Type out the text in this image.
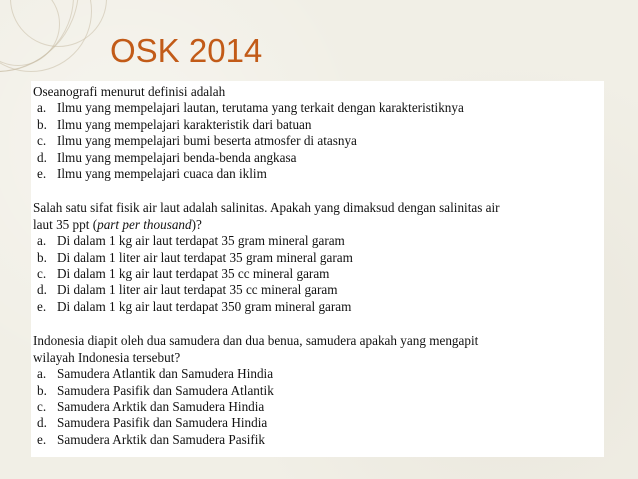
OSK 2014
Oseanografi menurut definisi adalah
a. Ilmu yang mempelajari lautan, terutama yang terkait dengan karakteristiknya
b. Ilmu yang mempelajari karakteristik dari batuan
c. Ilmu yang mempelajari bumi beserta atmosfer di atasnya
d. Ilmu yang mempelajari benda-benda angkasa
e. Ilmu yang mempelajari cuaca dan iklim
Salah satu sifat fisik air laut adalah salinitas. Apakah yang dimaksud dengan salinitas air
laut 35 ppt (part per thousand)?
a. Di dalam 1 kg air laut terdapat 35 gram mineral garam
b. Di dalam 1 liter air laut terdapat 35 gram mineral garam
c. Di dalam 1 kg air laut terdapat 35 cc mineral garam
d. Di dalam 1 liter air laut terdapat 35 cc mineral garam
e. Di dalam 1 kg air laut terdapat 350 gram mineral garam
Indonesia diapit oleh dua samudera dan dua benua, samudera apakah yang mengapit
wilayah Indonesia tersebut?
a. Samudera Atlantik dan Samudera Hindia
b. Samudera Pasifik dan Samudera Atlantik
c. Samudera Arktik dan Samudera Hindia
d. Samudera Pasifik dan Samudera Hindia
e. Samudera Arktik dan Samudera Pasifik
